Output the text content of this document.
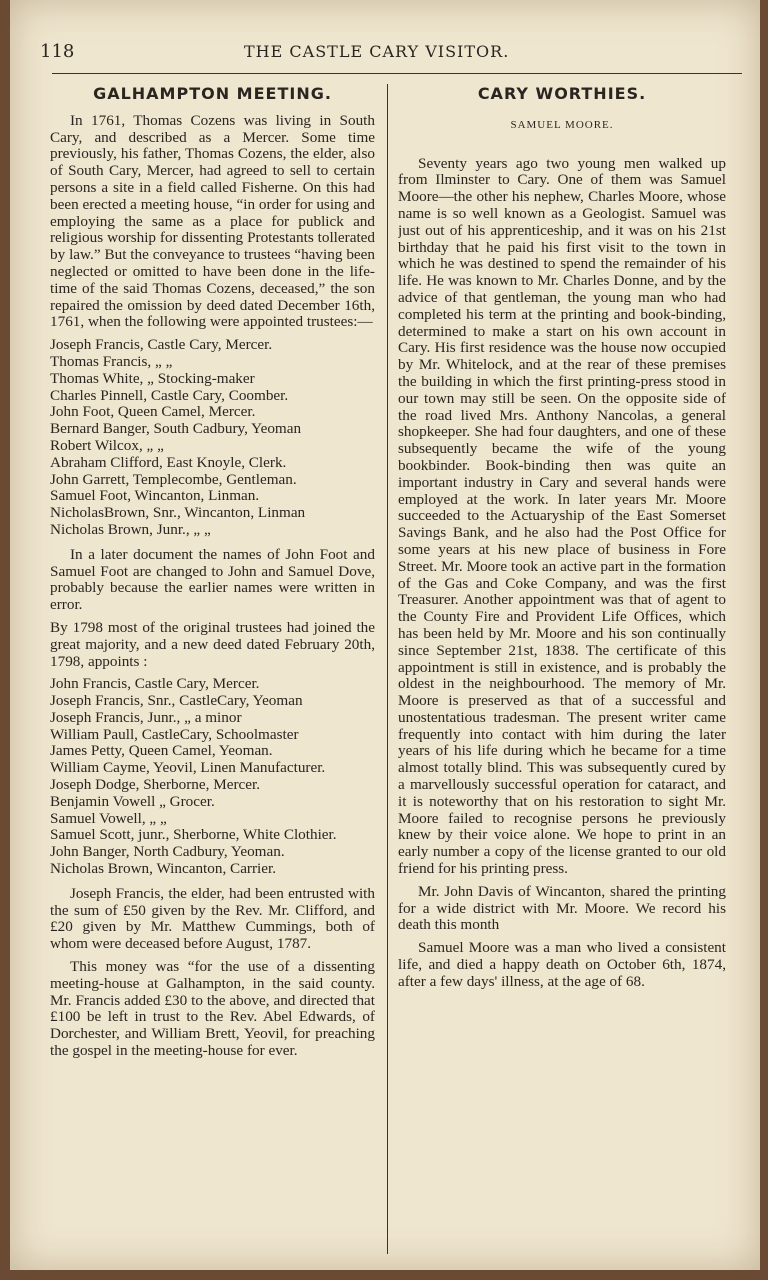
118	THE CASTLE CARY VISITOR.
GALHAMPTON MEETING.

In 1761, Thomas Cozens was living in South Cary, and described as a Mercer. Some time previously, his father, Thomas Cozens, the elder, also of South Cary, Mercer, had agreed to sell to certain persons a site in a field called Fisherne. On this had been erected a meeting house, “in order for using and employing the same as a place for publick and religious worship for dissenting Protestants tollerated by law.” But the conveyance to trustees “having been neglected or omitted to have been done in the life-time of the said Thomas Cozens, deceased,” the son repaired the omission by deed dated December 16th, 1761, when the following were appointed trustees:—

Joseph Francis, Castle Cary, Mercer.
Thomas Francis, „ „
Thomas White, „ Stocking-maker
Charles Pinnell, Castle Cary, Coomber.
John Foot, Queen Camel, Mercer.
Bernard Banger, South Cadbury, Yeoman
Robert Wilcox, „ „
Abraham Clifford, East Knoyle, Clerk.
John Garrett, Templecombe, Gentleman.
Samuel Foot, Wincanton, Linman.
NicholasBrown, Snr., Wincanton, Linman
Nicholas Brown, Junr., „ „

In a later document the names of John Foot and Samuel Foot are changed to John and Samuel Dove, probably because the earlier names were written in error.

By 1798 most of the original trustees had joined the great majority, and a new deed dated February 20th, 1798, appoints :

John Francis, Castle Cary, Mercer.
Joseph Francis, Snr., CastleCary, Yeoman
Joseph Francis, Junr., „ a minor
William Paull, CastleCary, Schoolmaster
James Petty, Queen Camel, Yeoman.
William Cayme, Yeovil, Linen Manufacturer.
Joseph Dodge, Sherborne, Mercer.
Benjamin Vowell „ Grocer.
Samuel Vowell, „ „
Samuel Scott, junr., Sherborne, White Clothier.
John Banger, North Cadbury, Yeoman.
Nicholas Brown, Wincanton, Carrier.

Joseph Francis, the elder, had been entrusted with the sum of £50 given by the Rev. Mr. Clifford, and £20 given by Mr. Matthew Cummings, both of whom were deceased before August, 1787.

This money was “for the use of a dissenting meeting-house at Galhampton, in the said county. Mr. Francis added £30 to the above, and directed that £100 be left in trust to the Rev. Abel Edwards, of Dorchester, and William Brett, Yeovil, for preaching the gospel in the meeting-house for ever.

CARY WORTHIES.
SAMUEL MOORE.

Seventy years ago two young men walked up from Ilminster to Cary. One of them was Samuel Moore—the other his nephew, Charles Moore, whose name is so well known as a Geologist. Samuel was just out of his apprenticeship, and it was on his 21st birthday that he paid his first visit to the town in which he was destined to spend the remainder of his life. He was known to Mr. Charles Donne, and by the advice of that gentleman, the young man who had completed his term at the printing and book-binding, determined to make a start on his own account in Cary. His first residence was the house now occupied by Mr. Whitelock, and at the rear of these premises the building in which the first printing-press stood in our town may still be seen. On the opposite side of the road lived Mrs. Anthony Nancolas, a general shopkeeper. She had four daughters, and one of these subsequently became the wife of the young bookbinder. Book-binding then was quite an important industry in Cary and several hands were employed at the work. In later years Mr. Moore succeeded to the Actuaryship of the East Somerset Savings Bank, and he also had the Post Office for some years at his new place of business in Fore Street. Mr. Moore took an active part in the formation of the Gas and Coke Company, and was the first Treasurer. Another appointment was that of agent to the County Fire and Provident Life Offices, which has been held by Mr. Moore and his son continually since September 21st, 1838. The certificate of this appointment is still in existence, and is probably the oldest in the neighbourhood. The memory of Mr. Moore is preserved as that of a successful and unostentatious tradesman. The present writer came frequently into contact with him during the later years of his life during which he became for a time almost totally blind. This was subsequently cured by a marvellously successful operation for cataract, and it is noteworthy that on his restoration to sight Mr. Moore failed to recognise persons he previously knew by their voice alone. We hope to print in an early number a copy of the license granted to our old friend for his printing press.

Mr. John Davis of Wincanton, shared the printing for a wide district with Mr. Moore. We record his death this month

Samuel Moore was a man who lived a consistent life, and died a happy death on October 6th, 1874, after a few days' illness, at the age of 68.
